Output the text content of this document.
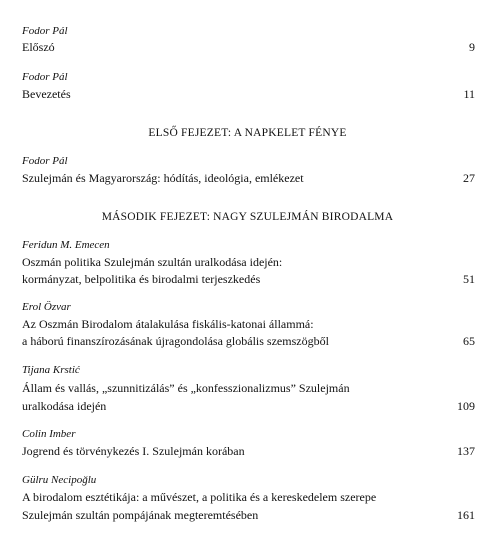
Fodor Pál
Előszó	9
Fodor Pál
Bevezetés	11
ELSŐ FEJEZET: A NAPKELET FÉNYE
Fodor Pál
Szulejmán és Magyarország: hódítás, ideológia, emlékezet	27
MÁSODIK FEJEZET: NAGY SZULEJMÁN BIRODALMA
Feridun M. Emecen
Oszmán politika Szulejmán szultán uralkodása idején:
kormányzat, belpolitika és birodalmi terjeszkedés	51
Erol Özvar
Az Oszmán Birodalom átalakulása fiskális-katonai állammá:
a háború finanszírozásának újragondolása globális szemszögből	65
Tijana Krstić
Állam és vallás, „szunnitizálás” és „konfesszionalizmus” Szulejmán
uralkodása idején	109
Colin Imber
Jogrend és törvénykezés I. Szulejmán korában	137
Gülru Necipoğlu
A birodalom esztétikája: a művészet, a politika és a kereskedelem szerepe
Szulejmán szultán pompájának megteremtésében	161
